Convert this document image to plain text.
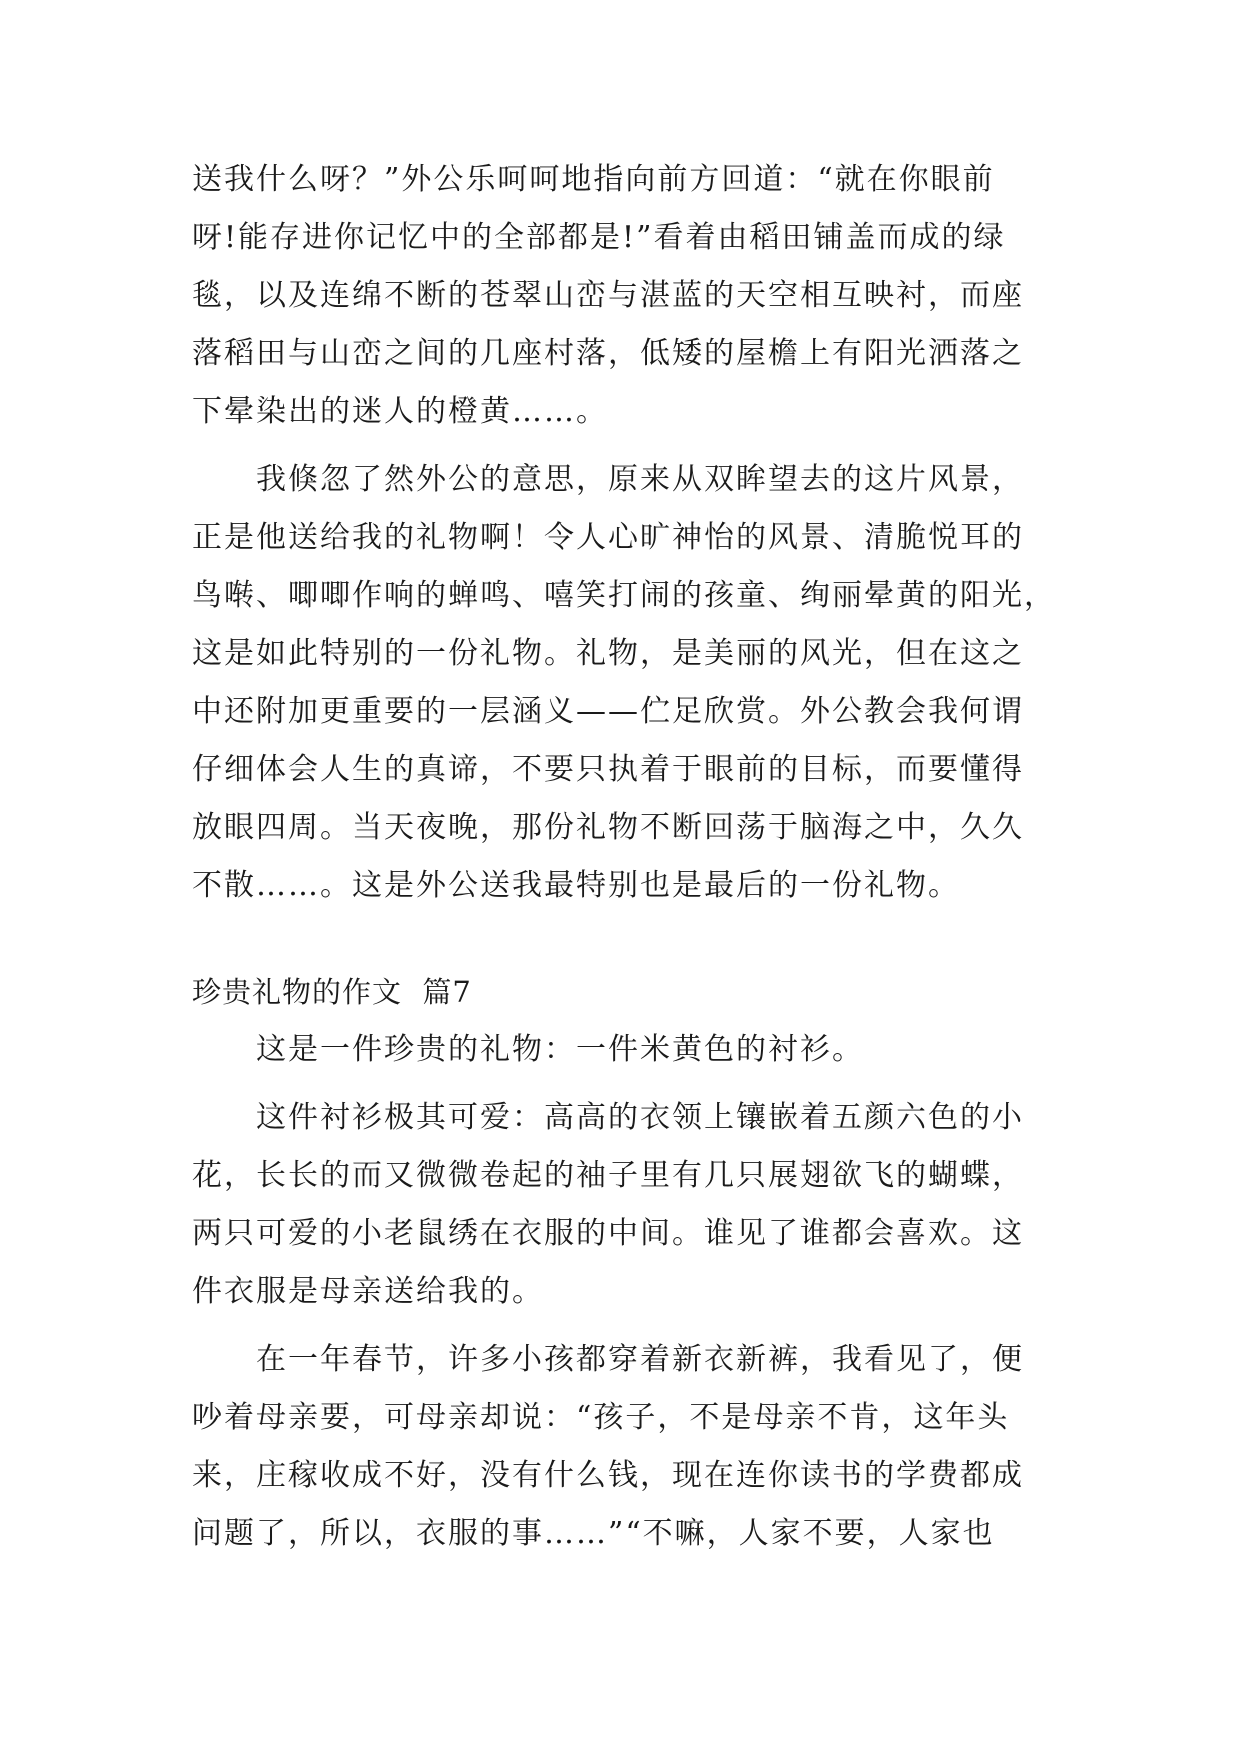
送我什么呀？”外公乐呵呵地指向前方回道：“就在你眼前
呀!能存进你记忆中的全部都是!”看着由稻田铺盖而成的绿
毯，以及连绵不断的苍翠山峦与湛蓝的天空相互映衬，而座
落稻田与山峦之间的几座村落，低矮的屋檐上有阳光洒落之
下晕染出的迷人的橙黄……。
　　我倏忽了然外公的意思，原来从双眸望去的这片风景，
正是他送给我的礼物啊！令人心旷神怡的风景、清脆悦耳的
鸟啭、唧唧作响的蝉鸣、嘻笑打闹的孩童、绚丽晕黄的阳光，
这是如此特别的一份礼物。礼物，是美丽的风光，但在这之
中还附加更重要的一层涵义——伫足欣赏。外公教会我何谓
仔细体会人生的真谛，不要只执着于眼前的目标，而要懂得
放眼四周。当天夜晚，那份礼物不断回荡于脑海之中，久久
不散……。这是外公送我最特别也是最后的一份礼物。
珍贵礼物的作文  篇7
　　这是一件珍贵的礼物：一件米黄色的衬衫。
　　这件衬衫极其可爱：高高的衣领上镶嵌着五颜六色的小
花，长长的而又微微卷起的袖子里有几只展翅欲飞的蝴蝶，
两只可爱的小老鼠绣在衣服的中间。谁见了谁都会喜欢。这
件衣服是母亲送给我的。
　　在一年春节，许多小孩都穿着新衣新裤，我看见了，便
吵着母亲要，可母亲却说：“孩子，不是母亲不肯，这年头
来，庄稼收成不好，没有什么钱，现在连你读书的学费都成
问题了，所以，衣服的事……”“不嘛，人家不要，人家也
